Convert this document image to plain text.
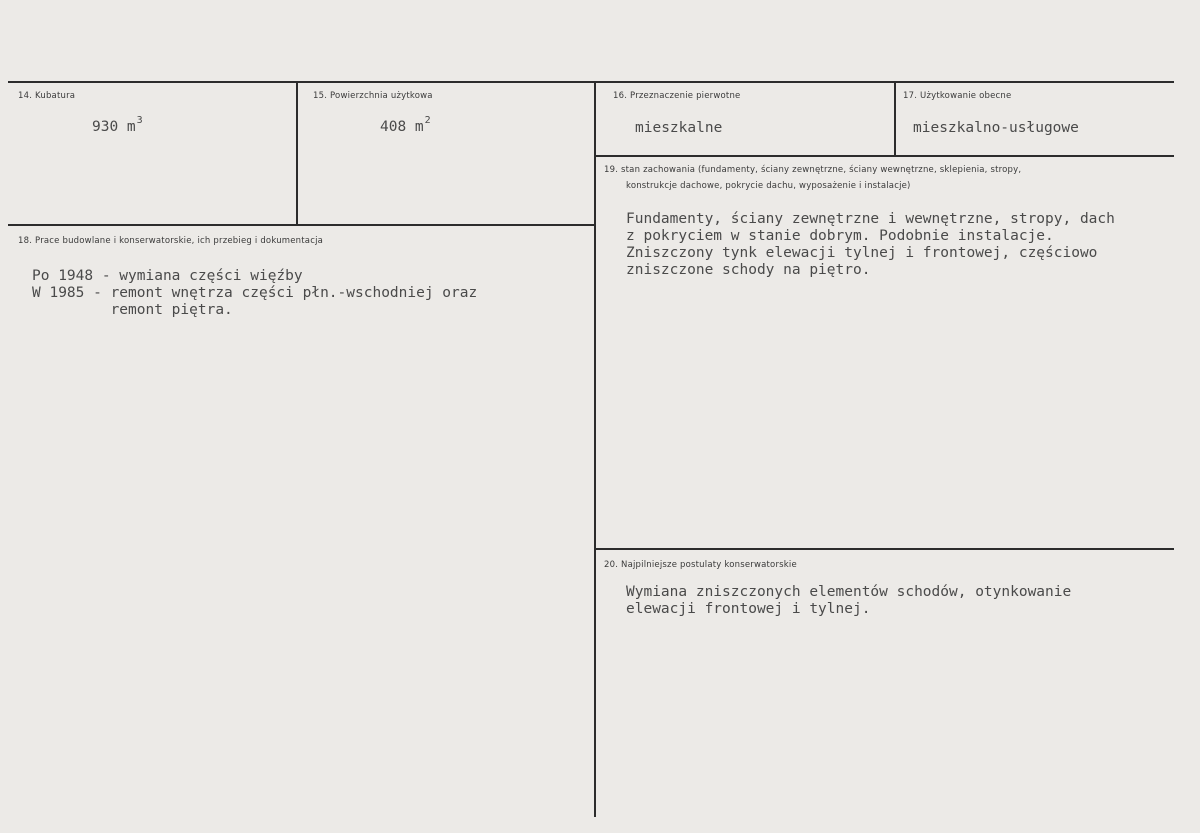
14. Kubatura
930 $m^3$
15. Powierzchnia użytkowa
408 $m^2$
16. Przeznaczenie pierwotne
mieszkalne
17. Użytkowanie obecne
mieszkalno-usługowe
18. Prace budowlane i konserwatorskie, ich przebieg i dokumentacja
Po 1948 - wymiana części więźby
W 1985 - remont wnętrza części płn.-wschodniej oraz
remont piętra.
19. stan zachowania (fundamenty, ściany zewnętrzne, ściany wewnętrzne, sklepienia, stropy,
konstrukcje dachowe, pokrycie dachu, wyposażenie i instalacje)
Fundamenty, ściany zewnętrzne i wewnętrzne, stropy, dach
z pokryciem w stanie dobrym. Podobnie instalacje.
Zniszczony tynk elewacji tylnej i frontowej, częściowo
zniszczone schody na piętro.
20. Najpilniejsze postulaty konserwatorskie
Wymiana zniszczonych elementów schodów, otynkowanie
elewacji frontowej i tylnej.
